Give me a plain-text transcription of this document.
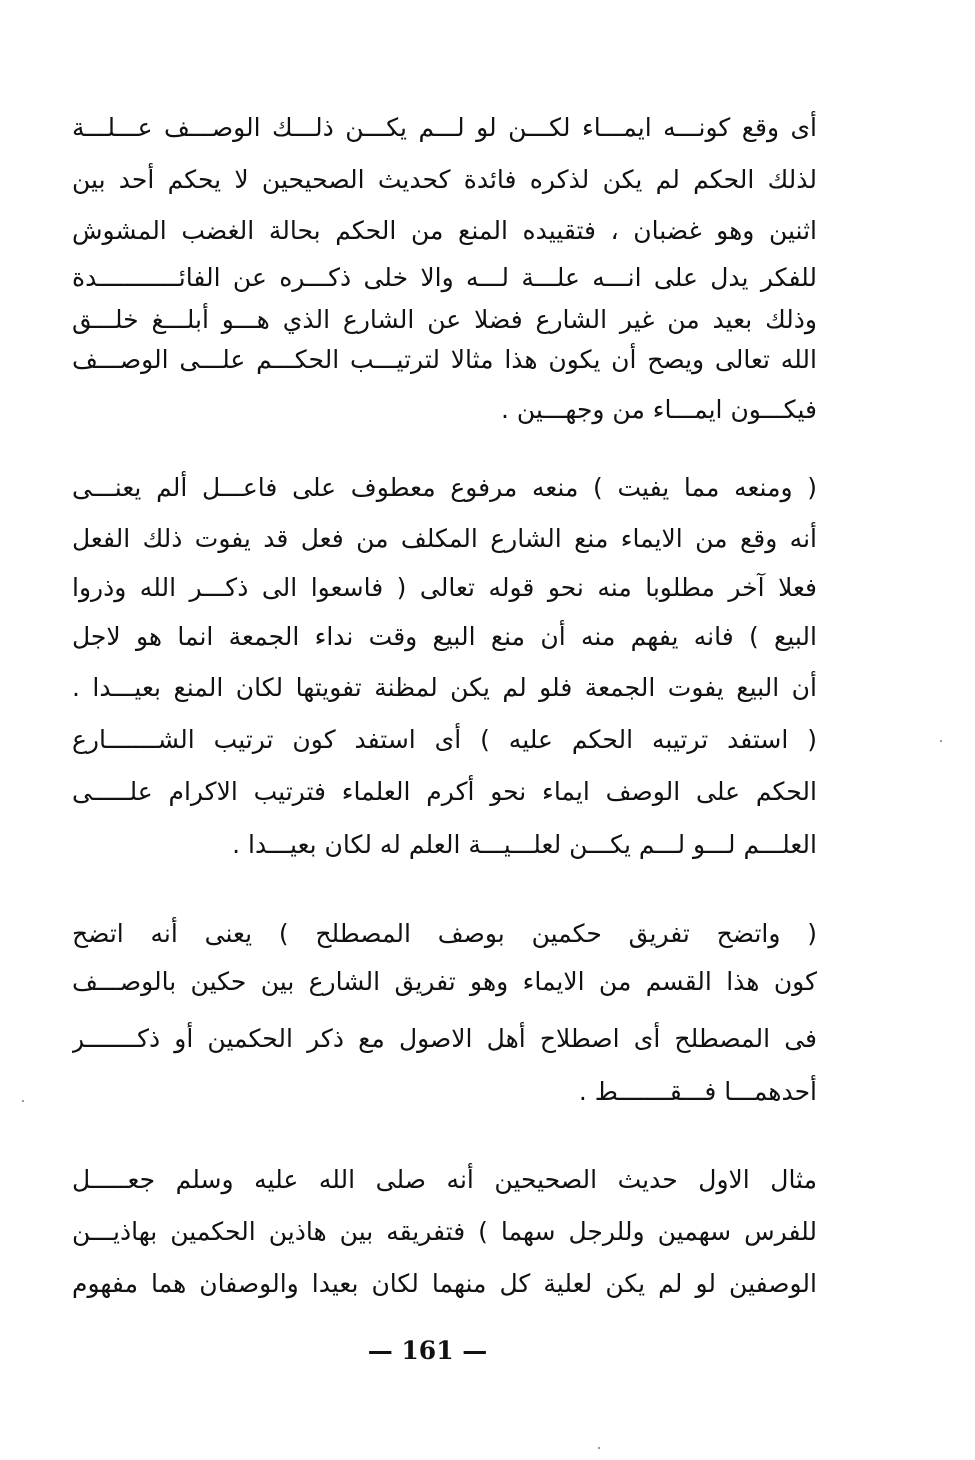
أى وقع كونـــه ايمـــاء لكـــن لو لـــم يكـــن ذلـــك الوصـــف عـــلـــة
لذلك الحكم لم يكن لذكره فائدة كحديث الصحيحين لا يحكم أحد بين
اثنين وهو غضبان ، فتقييده المنع من الحكم بحالة الغضب المشوش
للفكر يدل على انـــه علـــة لـــه والا خلى ذكـــره عن الفائـــــــــــدة
وذلك بعيد من غير الشارع فضلا عن الشارع الذي هـــو أبلـــغ خلـــق
الله تعالى ويصح أن يكون هذا مثالا لترتيـــب الحكـــم علـــى الوصـــف
فيكـــون ايمـــاء من وجهـــين .
( ومنعه مما يفيت ) منعه مرفوع معطوف على فاعـــل ألم يعنـــى
أنه وقع من الايماء منع الشارع المكلف من فعل قد يفوت ذلك الفعل
فعلا آخر مطلوبا منه نحو قوله تعالى ( فاسعوا الى ذكـــر الله وذروا
البيع ) فانه يفهم منه أن منع البيع وقت نداء الجمعة انما هو لاجل
أن البيع يفوت الجمعة فلو لم يكن لمظنة تفويتها لكان المنع بعيـــدا .
( استفد ترتيبه الحكم عليه ) أى استفد كون ترتيب الشـــــــارع
الحكم على الوصف ايماء نحو أكرم العلماء فترتيب الاكرام علـــــى
العلـــم لـــو لـــم يكـــن لعلـــيـــة العلم له لكان بعيـــدا .
( واتضح تفريق حكمين بوصف المصطلح ) يعنى أنه اتضح
كون هذا القسم من الايماء وهو تفريق الشارع بين حكين بالوصـــف
فى المصطلح أى اصطلاح أهل الاصول مع ذكر الحكمين أو ذكـــــــر
أحدهمـــا فـــقـــــــط .
مثال الاول حديث الصحيحين أنه صلى الله عليه وسلم جعـــــل
للفرس سهمين وللرجل سهما ) فتفريقه بين هاذين الحكمين بهاذيـــن
الوصفين لو لم يكن لعلية كل منهما لكان بعيدا والوصفان هما مفهوم
— 161 —
